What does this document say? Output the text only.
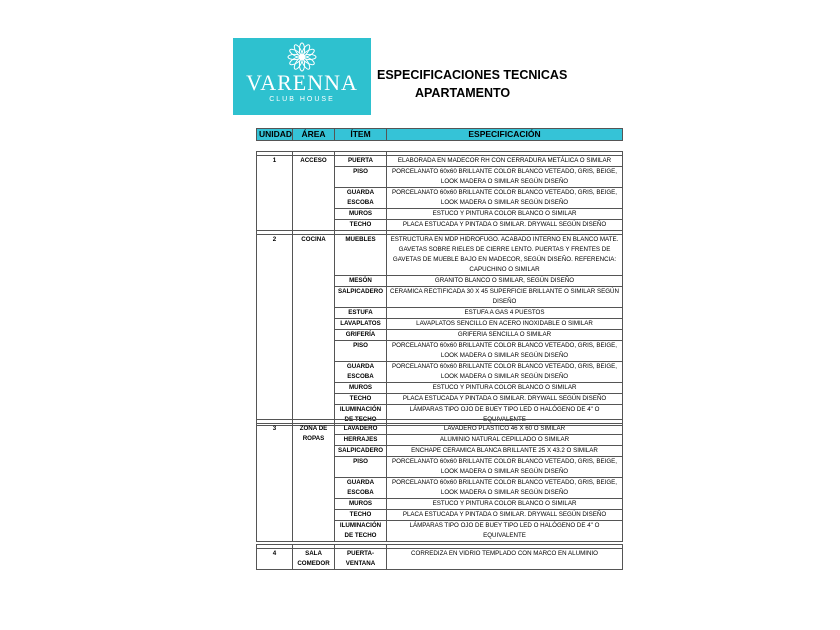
VARENNA
CLUB HOUSE
ESPECIFICACIONES TECNICAS
APARTAMENTO
UNIDAD	ÁREA	ÍTEM	ESPECIFICACIÓN

1	ACCESO	PUERTA	ELABORADA EN MADECOR RH CON CERRADURA METÁLICA O SIMILAR
		PISO	PORCELANATO 60x60 BRILLANTE COLOR BLANCO VETEADO, GRIS, BEIGE, LOOK MADERA O SIMILAR SEGÚN DISEÑO
		GUARDA ESCOBA	PORCELANATO 60x60 BRILLANTE COLOR BLANCO VETEADO, GRIS, BEIGE, LOOK MADERA O SIMILAR SEGÚN DISEÑO
		MUROS	ESTUCO Y PINTURA COLOR BLANCO O SIMILAR
		TECHO	PLACA ESTUCADA Y PINTADA O SIMILAR. DRYWALL SEGÚN DISEÑO

2	COCINA	MUEBLES	ESTRUCTURA EN MDP HIDROFUGO. ACABADO INTERNO EN BLANCO MATE. GAVETAS SOBRE RIELES DE CIERRE LENTO. PUERTAS Y FRENTES DE GAVETAS DE MUEBLE BAJO EN MADECOR, SEGÚN DISEÑO. REFERENCIA: CAPUCHINO O SIMILAR
		MESÓN	GRANITO BLANCO O SIMILAR, SEGÚN DISEÑO
		SALPICADERO	CERAMICA RECTIFICADA 30 X 45 SUPERFICIE BRILLANTE O SIMILAR SEGÚN DISEÑO
		ESTUFA	ESTUFA A GAS 4 PUESTOS
		LAVAPLATOS	LAVAPLATOS SENCILLO EN ACERO INOXIDABLE O SIMILAR
		GRIFERÍA	GRIFERIA SENCILLA O SIMILAR
		PISO	PORCELANATO 60x60 BRILLANTE COLOR BLANCO VETEADO, GRIS, BEIGE, LOOK MADERA O SIMILAR SEGÚN DISEÑO
		GUARDA ESCOBA	PORCELANATO 60x60 BRILLANTE COLOR BLANCO VETEADO, GRIS, BEIGE, LOOK MADERA O SIMILAR SEGÚN DISEÑO
		MUROS	ESTUCO Y PINTURA COLOR BLANCO O SIMILAR
		TECHO	PLACA ESTUCADA Y PINTADA O SIMILAR. DRYWALL SEGÚN DISEÑO
		ILUMINACIÓN DE TECHO	LÁMPARAS TIPO OJO DE BUEY TIPO LED O HALÓGENO DE 4" O EQUIVALENTE

3	ZONA DE ROPAS	LAVADERO	LAVADERO PLASTICO 46 X 60 O SIMILAR
		HERRAJES	ALUMINIO NATURAL CEPILLADO O SIMILAR
		SALPICADERO	ENCHAPE CERAMICA BLANCA BRILLANTE 25 X 43.2 O SIMILAR
		PISO	PORCELANATO 60x60 BRILLANTE COLOR BLANCO VETEADO, GRIS, BEIGE, LOOK MADERA O SIMILAR SEGÚN DISEÑO
		GUARDA ESCOBA	PORCELANATO 60x60 BRILLANTE COLOR BLANCO VETEADO, GRIS, BEIGE, LOOK MADERA O SIMILAR SEGÚN DISEÑO
		MUROS	ESTUCO Y PINTURA COLOR BLANCO O SIMILAR
		TECHO	PLACA ESTUCADA Y PINTADA O SIMILAR. DRYWALL SEGÚN DISEÑO
		ILUMINACIÓN DE TECHO	LÁMPARAS TIPO OJO DE BUEY TIPO LED O HALÓGENO DE 4" O EQUIVALENTE

4	SALA COMEDOR	PUERTA-VENTANA	CORREDIZA EN VIDRIO TEMPLADO CON MARCO EN ALUMINIO
